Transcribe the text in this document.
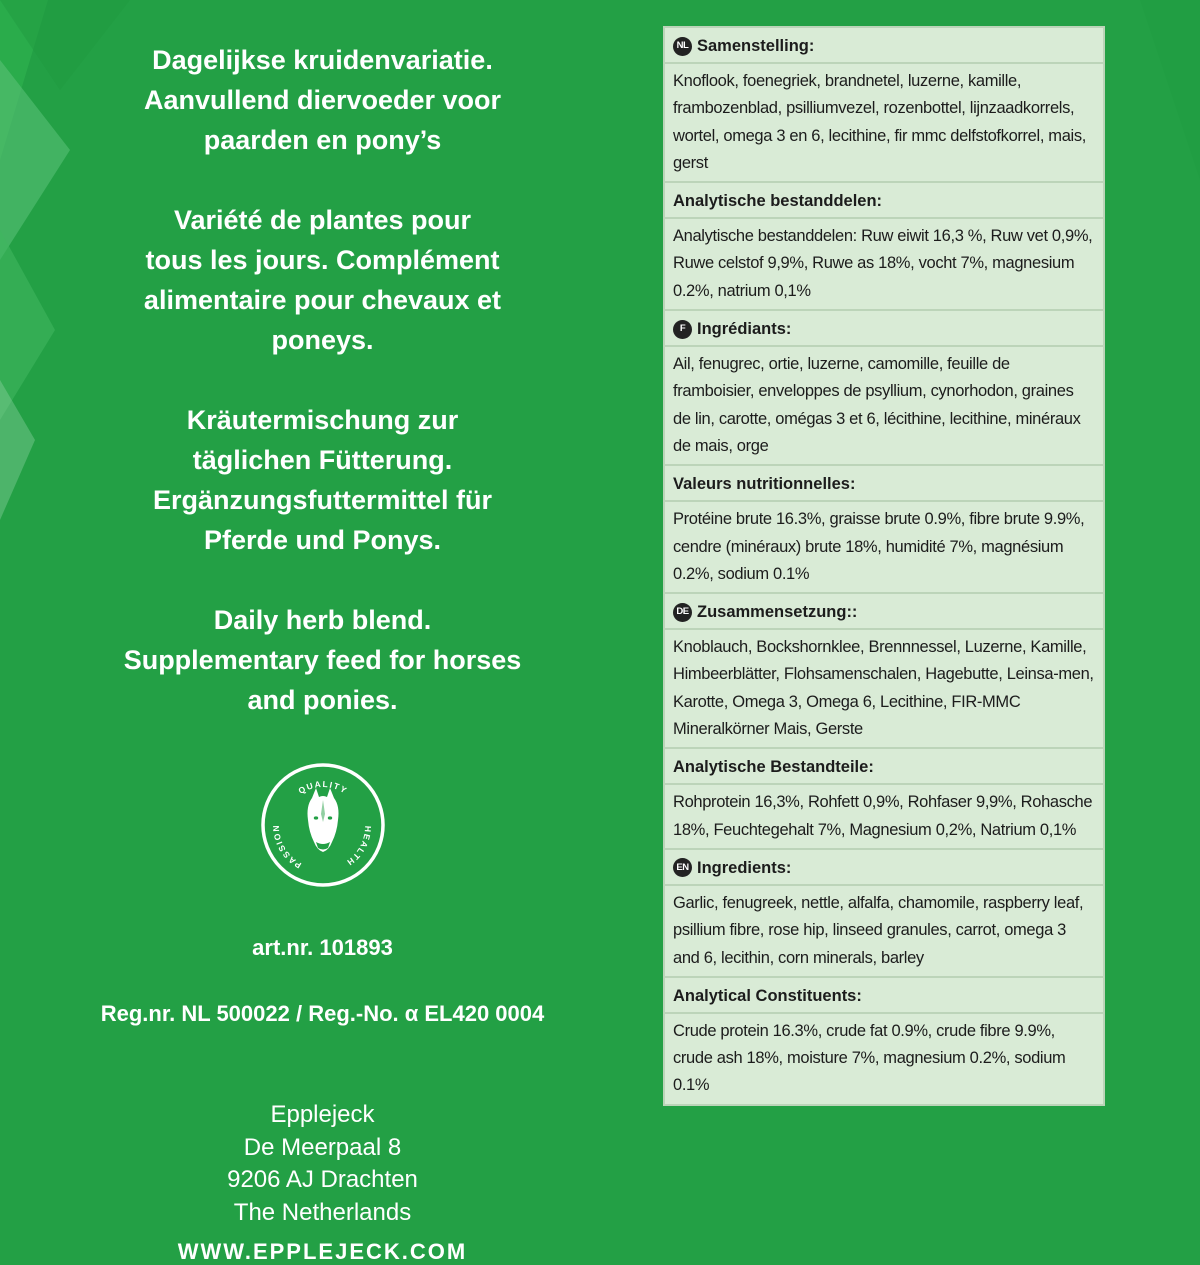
Dagelijkse kruidenvariatie.
Aanvullend diervoeder voor
paarden en pony’s
Variété de plantes pour
tous les jours. Complément
alimentaire pour chevaux et
poneys.
Kräutermischung zur
täglichen Fütterung.
Ergänzungsfuttermittel für
Pferde und Ponys.
Daily herb blend.
Supplementary feed for horses
and ponies.
QUALITY
PASSION	HEALTH

art.nr. 101893

Reg.nr. NL 500022 / Reg.-No. α EL420 0004

Epplejeck
De Meerpaal 8
9206 AJ Drachten
The Netherlands
WWW.EPPLEJECK.COM
NL Samenstelling:
Knoflook, foenegriek, brandnetel, luzerne, kamille, frambozenblad, psilliumvezel, rozenbottel, lijnzaadkorrels, wortel, omega 3 en 6, lecithine, fir mmc delfstofkorrel, mais, gerst
Analytische bestanddelen:
Analytische bestanddelen: Ruw eiwit 16,3 %, Ruw vet 0,9%, Ruwe celstof 9,9%, Ruwe as 18%, vocht 7%, magnesium 0.2%, natrium 0,1%
F Ingrédiants:
Ail, fenugrec, ortie, luzerne, camomille, feuille de framboisier, enveloppes de psyllium, cynorhodon, graines de lin, carotte, omégas 3 et 6, lécithine, lecithine, minéraux de mais, orge
Valeurs nutritionnelles:
Protéine brute 16.3%, graisse brute 0.9%, fibre brute 9.9%, cendre (minéraux) brute 18%, humidité 7%, magnésium 0.2%, sodium 0.1%
DE Zusammensetzung::
Knoblauch, Bockshornklee, Brennnessel, Luzerne, Kamille, Himbeerblätter, Flohsamenschalen, Hagebutte, Leinsa-men, Karotte, Omega 3, Omega 6, Lecithine, FIR-MMC Mineralkörner Mais, Gerste
Analytische Bestandteile:
Rohprotein 16,3%, Rohfett 0,9%, Rohfaser 9,9%, Rohasche 18%, Feuchtegehalt 7%, Magnesium 0,2%, Natrium 0,1%
EN Ingredients:
Garlic, fenugreek, nettle, alfalfa, chamomile, raspberry leaf, psillium fibre, rose hip, linseed granules, carrot, omega 3 and 6, lecithin, corn minerals, barley
Analytical Constituents:
Crude protein 16.3%, crude fat 0.9%, crude fibre 9.9%, crude ash 18%, moisture 7%, magnesium 0.2%, sodium 0.1%
